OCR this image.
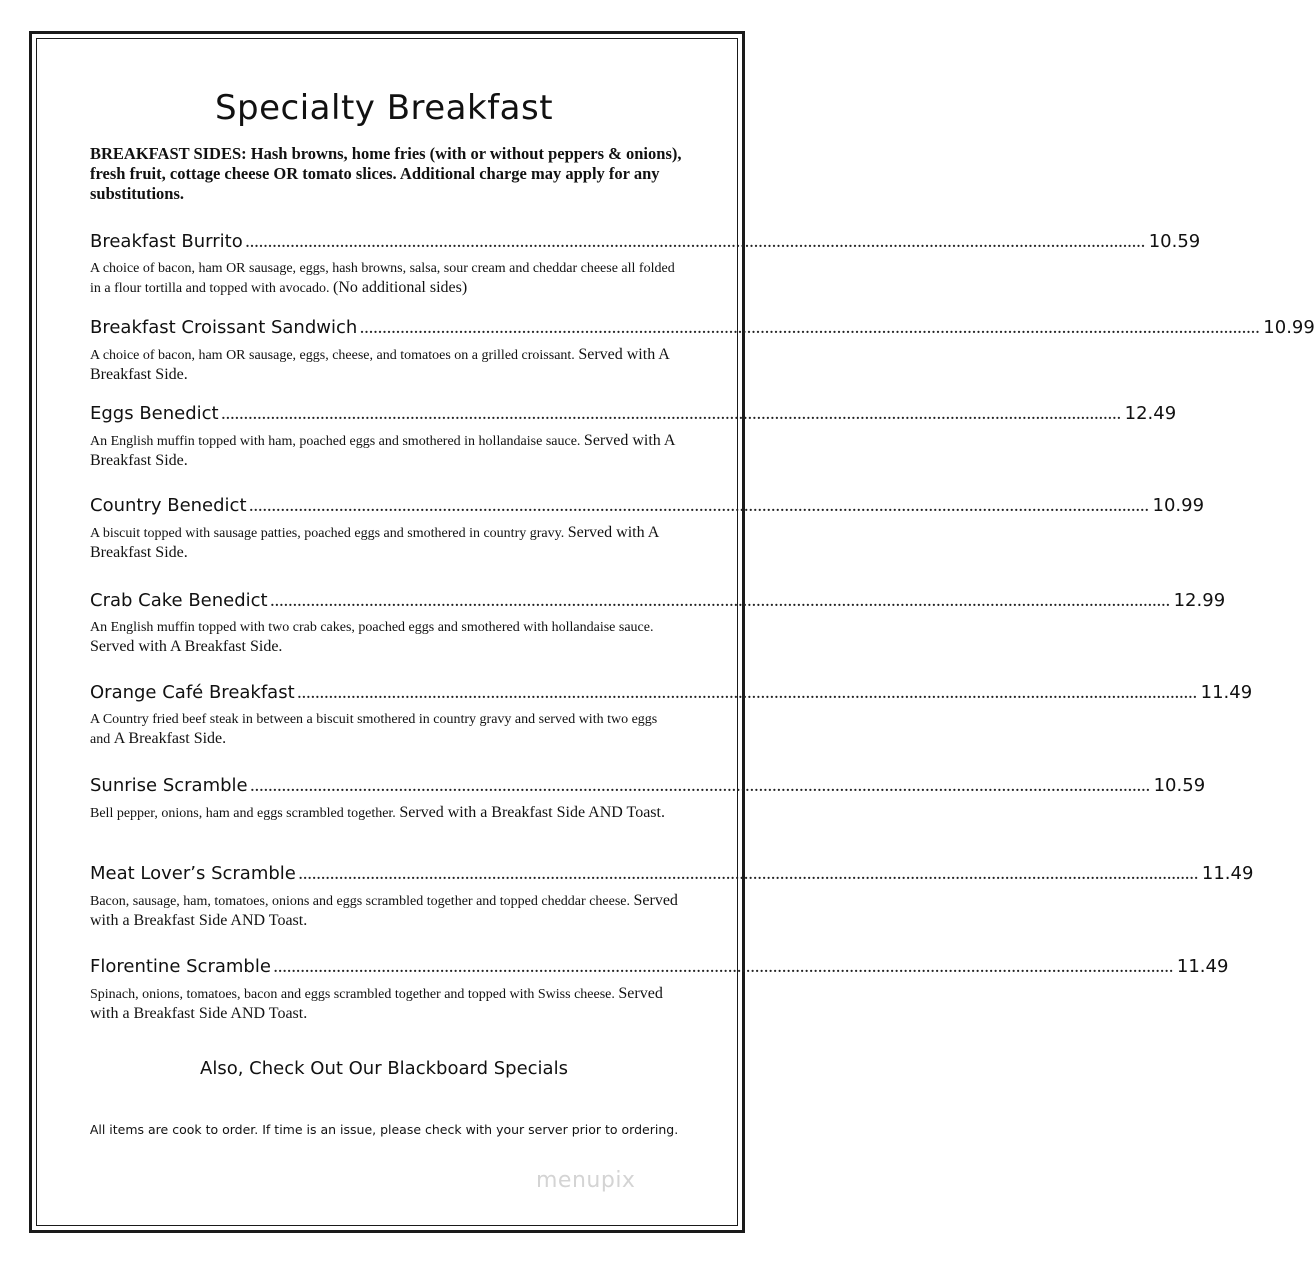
Specialty Breakfast

BREAKFAST SIDES: Hash browns, home fries (with or without peppers & onions), fresh fruit, cottage cheese OR tomato slices. Additional charge may apply for any substitutions.

Breakfast Burrito ........................................................................................................................................................................................................ 10.59

A choice of bacon, ham OR sausage, eggs, hash browns, salsa, sour cream and cheddar cheese all folded in a flour tortilla and topped with avocado. (No additional sides)

Breakfast Croissant Sandwich ........................................................................................................................................................................................................ 10.99

A choice of bacon, ham OR sausage, eggs, cheese, and tomatoes on a grilled croissant. Served with A Breakfast Side.

Eggs Benedict ........................................................................................................................................................................................................ 12.49

An English muffin topped with ham, poached eggs and smothered in hollandaise sauce. Served with A Breakfast Side.

Country Benedict ........................................................................................................................................................................................................ 10.99

A biscuit topped with sausage patties, poached eggs and smothered in country gravy. Served with A Breakfast Side.

Crab Cake Benedict ........................................................................................................................................................................................................ 12.99

An English muffin topped with two crab cakes, poached eggs and smothered with hollandaise sauce. Served with A Breakfast Side.

Orange Café Breakfast ........................................................................................................................................................................................................ 11.49

A Country fried beef steak in between a biscuit smothered in country gravy and served with two eggs and A Breakfast Side.

Sunrise Scramble ........................................................................................................................................................................................................ 10.59

Bell pepper, onions, ham and eggs scrambled together. Served with a Breakfast Side AND Toast.

Meat Lover’s Scramble ........................................................................................................................................................................................................ 11.49

Bacon, sausage, ham, tomatoes, onions and eggs scrambled together and topped cheddar cheese. Served with a Breakfast Side AND Toast.

Florentine Scramble ........................................................................................................................................................................................................ 11.49

Spinach, onions, tomatoes, bacon and eggs scrambled together and topped with Swiss cheese. Served with a Breakfast Side AND Toast.

Also, Check Out Our Blackboard Specials

All items are cook to order. If time is an issue, please check with your server prior to ordering.

menupix
